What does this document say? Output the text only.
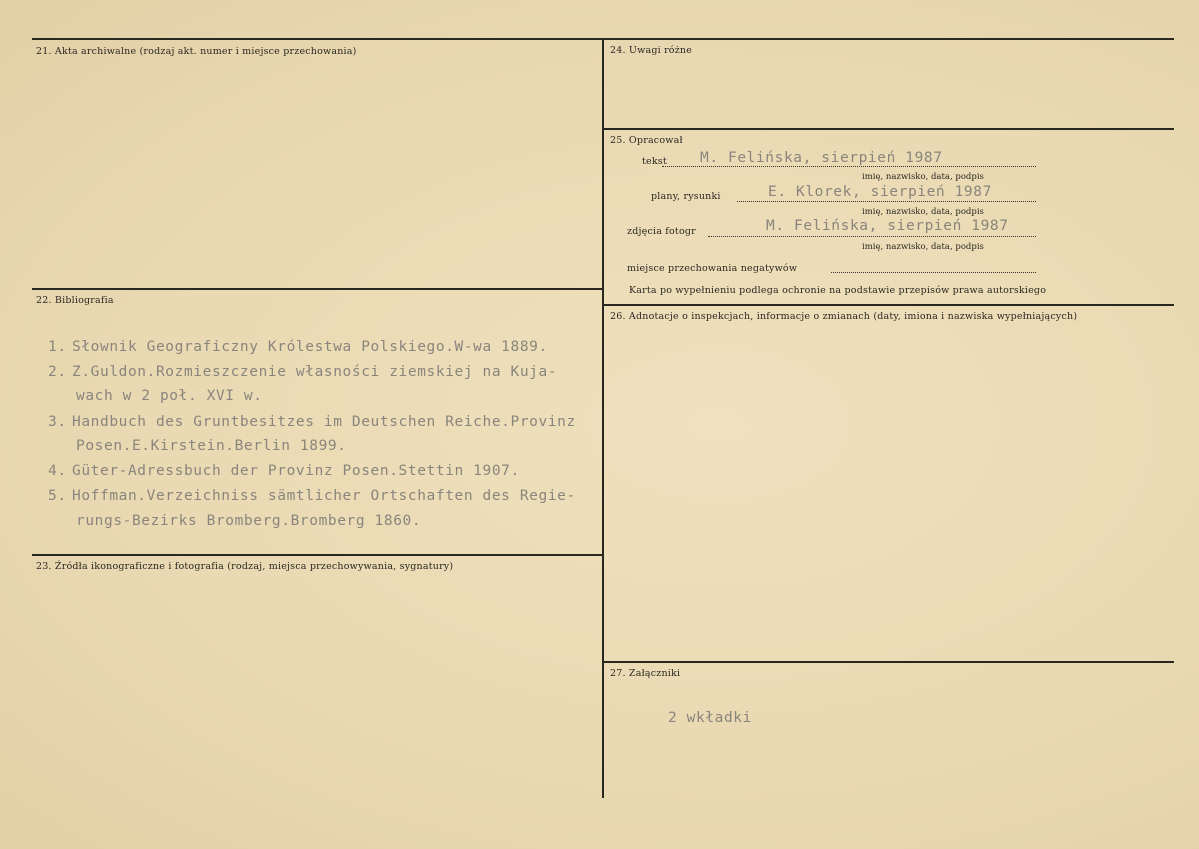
21. Akta archiwalne (rodzaj akt. numer i miejsce przechowania)
22. Bibliografia
1. Słownik Geograficzny Królestwa Polskiego.W-wa 1889.
2. Z.Guldon.Rozmieszczenie własności ziemskiej na Kuja-
wach w 2 poł. XVI w.
3. Handbuch des Gruntbesitzes im Deutschen Reiche.Provinz
Posen.E.Kirstein.Berlin 1899.
4. Güter-Adressbuch der Provinz Posen.Stettin 1907.
5. Hoffman.Verzeichniss sämtlicher Ortschaften des Regie-
rungs-Bezirks Bromberg.Bromberg 1860.
23. Źródła ikonograficzne i fotografia (rodzaj, miejsca przechowywania, sygnatury)
24. Uwagi różne
25. Opracował
tekst M. Felińska, sierpień 1987
imię, nazwisko, data, podpis
plany, rysunki	E. Klorek, sierpień 1987
imię, nazwisko, data, podpis
zdjęcia fotogr	M. Felińska, sierpień 1987
imię, nazwisko, data, podpis
miejsce przechowania negatywów
Karta po wypełnieniu podlega ochronie na podstawie przepisów prawa autorskiego
26. Adnotacje o inspekcjach, informacje o zmianach (daty, imiona i nazwiska wypełniających)
27. Załączniki
2 wkładki
